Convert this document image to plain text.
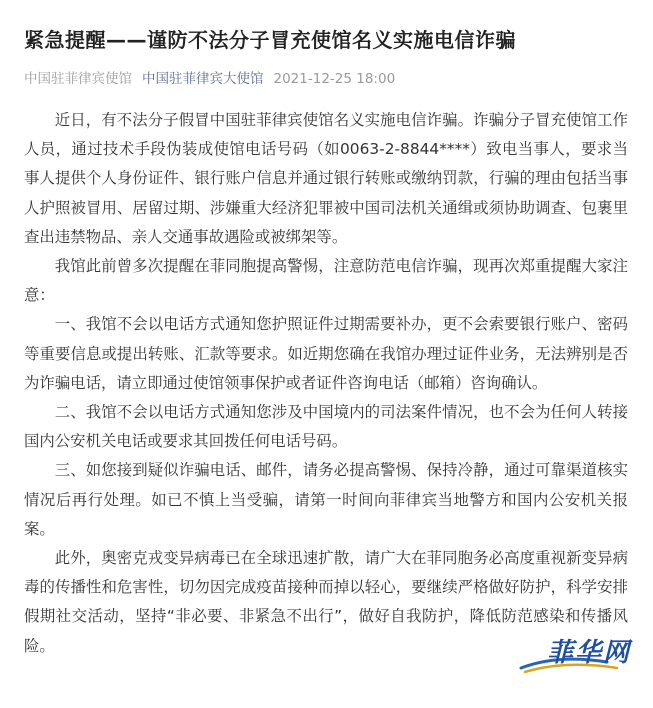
紧急提醒——谨防不法分子冒充使馆名义实施电信诈骗
中国驻菲律宾使馆 中国驻菲律宾大使馆 2021-12-25 18:00

近日，有不法分子假冒中国驻菲律宾使馆名义实施电信诈骗。诈骗分子冒充使馆工作人员，通过技术手段伪装成使馆电话号码（如0063-2-8844****）致电当事人，要求当事人提供个人身份证件、银行账户信息并通过银行转账或缴纳罚款，行骗的理由包括当事人护照被冒用、居留过期、涉嫌重大经济犯罪被中国司法机关通缉或须协助调查、包裹里查出违禁物品、亲人交通事故遇险或被绑架等。

我馆此前曾多次提醒在菲同胞提高警惕，注意防范电信诈骗，现再次郑重提醒大家注意：

一、我馆不会以电话方式通知您护照证件过期需要补办，更不会索要银行账户、密码等重要信息或提出转账、汇款等要求。如近期您确在我馆办理过证件业务，无法辨别是否为诈骗电话，请立即通过使馆领事保护或者证件咨询电话（邮箱）咨询确认。

二、我馆不会以电话方式通知您涉及中国境内的司法案件情况，也不会为任何人转接国内公安机关电话或要求其回拨任何电话号码。

三、如您接到疑似诈骗电话、邮件，请务必提高警惕、保持冷静，通过可靠渠道核实情况后再行处理。如已不慎上当受骗，请第一时间向菲律宾当地警方和国内公安机关报案。

此外，奥密克戎变异病毒已在全球迅速扩散，请广大在菲同胞务必高度重视新变异病毒的传播性和危害性，切勿因完成疫苗接种而掉以轻心，要继续严格做好防护，科学安排假期社交活动，坚持“非必要、非紧急不出行”，做好自我防护，降低防范感染和传播风险。	菲华网
